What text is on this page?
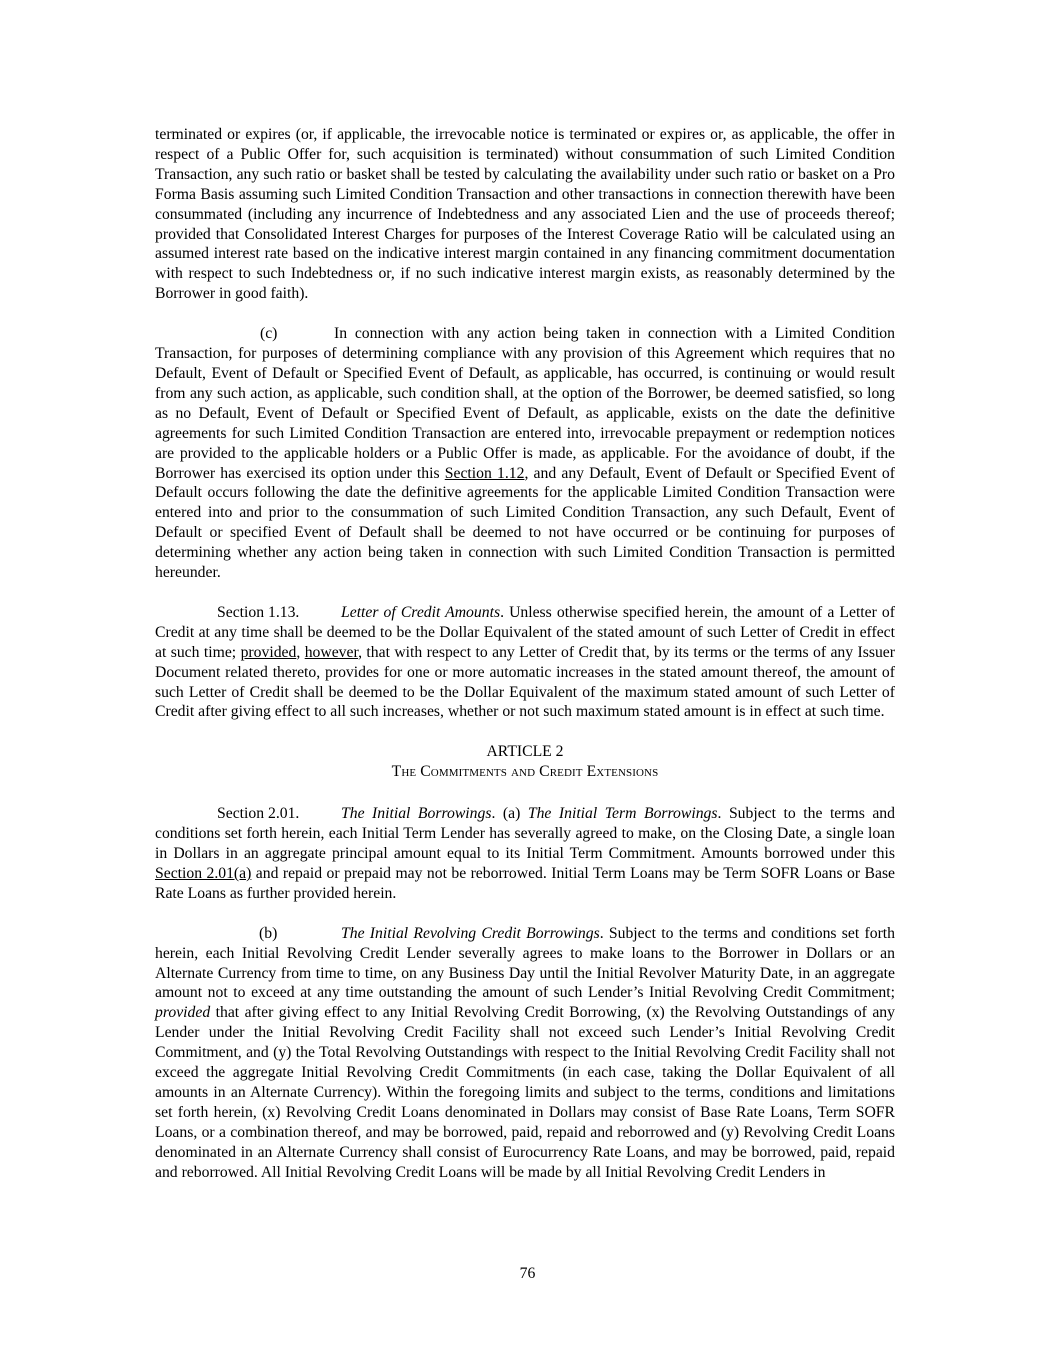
terminated or expires (or, if applicable, the irrevocable notice is terminated or expires or, as applicable, the offer in respect of a Public Offer for, such acquisition is terminated) without consummation of such Limited Condition Transaction, any such ratio or basket shall be tested by calculating the availability under such ratio or basket on a Pro Forma Basis assuming such Limited Condition Transaction and other transactions in connection therewith have been consummated (including any incurrence of Indebtedness and any associated Lien and the use of proceeds thereof; provided that Consolidated Interest Charges for purposes of the Interest Coverage Ratio will be calculated using an assumed interest rate based on the indicative interest margin contained in any financing commitment documentation with respect to such Indebtedness or, if no such indicative interest margin exists, as reasonably determined by the Borrower in good faith).

(c)	In connection with any action being taken in connection with a Limited Condition Transaction, for purposes of determining compliance with any provision of this Agreement which requires that no Default, Event of Default or Specified Event of Default, as applicable, has occurred, is continuing or would result from any such action, as applicable, such condition shall, at the option of the Borrower, be deemed satisfied, so long as no Default, Event of Default or Specified Event of Default, as applicable, exists on the date the definitive agreements for such Limited Condition Transaction are entered into, irrevocable prepayment or redemption notices are provided to the applicable holders or a Public Offer is made, as applicable. For the avoidance of doubt, if the Borrower has exercised its option under this Section 1.12, and any Default, Event of Default or Specified Event of Default occurs following the date the definitive agreements for the applicable Limited Condition Transaction were entered into and prior to the consummation of such Limited Condition Transaction, any such Default, Event of Default or specified Event of Default shall be deemed to not have occurred or be continuing for purposes of determining whether any action being taken in connection with such Limited Condition Transaction is permitted hereunder.

Section 1.13.	Letter of Credit Amounts. Unless otherwise specified herein, the amount of a Letter of Credit at any time shall be deemed to be the Dollar Equivalent of the stated amount of such Letter of Credit in effect at such time; provided, however, that with respect to any Letter of Credit that, by its terms or the terms of any Issuer Document related thereto, provides for one or more automatic increases in the stated amount thereof, the amount of such Letter of Credit shall be deemed to be the Dollar Equivalent of the maximum stated amount of such Letter of Credit after giving effect to all such increases, whether or not such maximum stated amount is in effect at such time.

ARTICLE 2
The Commitments and Credit Extensions

Section 2.01.	The Initial Borrowings. (a) The Initial Term Borrowings. Subject to the terms and conditions set forth herein, each Initial Term Lender has severally agreed to make, on the Closing Date, a single loan in Dollars in an aggregate principal amount equal to its Initial Term Commitment. Amounts borrowed under this Section 2.01(a) and repaid or prepaid may not be reborrowed. Initial Term Loans may be Term SOFR Loans or Base Rate Loans as further provided herein.

(b)	The Initial Revolving Credit Borrowings. Subject to the terms and conditions set forth herein, each Initial Revolving Credit Lender severally agrees to make loans to the Borrower in Dollars or an Alternate Currency from time to time, on any Business Day until the Initial Revolver Maturity Date, in an aggregate amount not to exceed at any time outstanding the amount of such Lender’s Initial Revolving Credit Commitment; provided that after giving effect to any Initial Revolving Credit Borrowing, (x) the Revolving Outstandings of any Lender under the Initial Revolving Credit Facility shall not exceed such Lender’s Initial Revolving Credit Commitment, and (y) the Total Revolving Outstandings with respect to the Initial Revolving Credit Facility shall not exceed the aggregate Initial Revolving Credit Commitments (in each case, taking the Dollar Equivalent of all amounts in an Alternate Currency). Within the foregoing limits and subject to the terms, conditions and limitations set forth herein, (x) Revolving Credit Loans denominated in Dollars may consist of Base Rate Loans, Term SOFR Loans, or a combination thereof, and may be borrowed, paid, repaid and reborrowed and (y) Revolving Credit Loans denominated in an Alternate Currency shall consist of Eurocurrency Rate Loans, and may be borrowed, paid, repaid and reborrowed. All Initial Revolving Credit Loans will be made by all Initial Revolving Credit Lenders in

76
